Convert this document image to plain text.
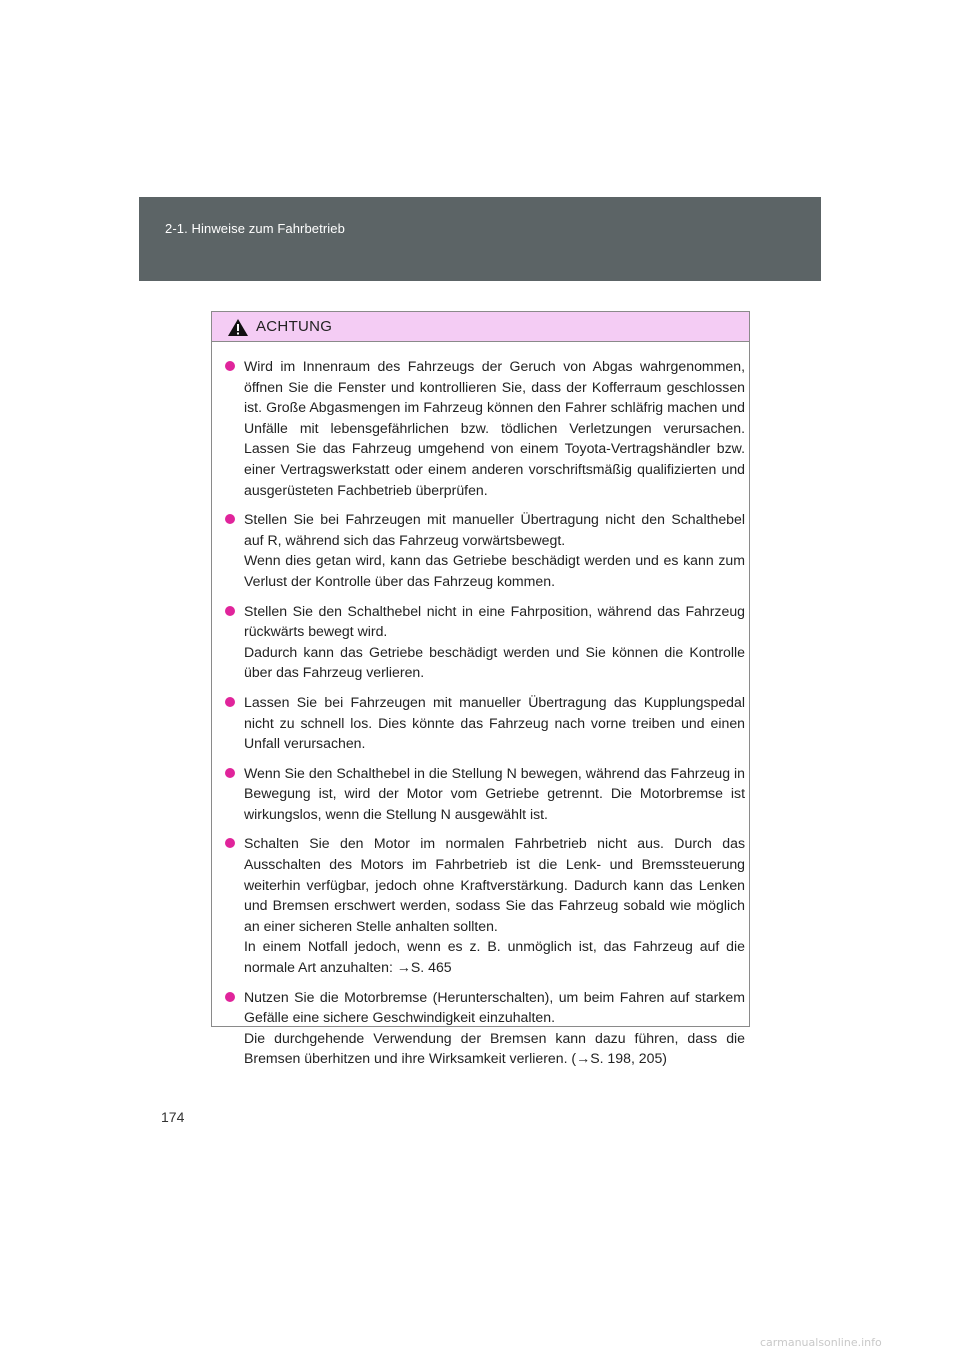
2-1. Hinweise zum Fahrbetrieb
ACHTUNG

Wird im Innenraum des Fahrzeugs der Geruch von Abgas wahrgenommen, öffnen Sie die Fenster und kontrollieren Sie, dass der Kofferraum geschlossen ist. Große Abgasmengen im Fahrzeug können den Fahrer schläfrig machen und Unfälle mit lebensgefährlichen bzw. tödlichen Verletzungen verursachen. Lassen Sie das Fahrzeug umgehend von einem Toyota-Vertragshändler bzw. einer Vertragswerkstatt oder einem anderen vorschriftsmäßig qualifizierten und ausgerüsteten Fachbetrieb überprüfen.

Stellen Sie bei Fahrzeugen mit manueller Übertragung nicht den Schalthebel auf R, während sich das Fahrzeug vorwärtsbewegt.

Wenn dies getan wird, kann das Getriebe beschädigt werden und es kann zum Verlust der Kontrolle über das Fahrzeug kommen.

Stellen Sie den Schalthebel nicht in eine Fahrposition, während das Fahrzeug rückwärts bewegt wird.

Dadurch kann das Getriebe beschädigt werden und Sie können die Kontrolle über das Fahrzeug verlieren.

Lassen Sie bei Fahrzeugen mit manueller Übertragung das Kupplungspedal nicht zu schnell los. Dies könnte das Fahrzeug nach vorne treiben und einen Unfall verursachen.

Wenn Sie den Schalthebel in die Stellung N bewegen, während das Fahrzeug in Bewegung ist, wird der Motor vom Getriebe getrennt. Die Motorbremse ist wirkungslos, wenn die Stellung N ausgewählt ist.

Schalten Sie den Motor im normalen Fahrbetrieb nicht aus. Durch das Ausschalten des Motors im Fahrbetrieb ist die Lenk- und Bremssteuerung weiterhin verfügbar, jedoch ohne Kraftverstärkung. Dadurch kann das Lenken und Bremsen erschwert werden, sodass Sie das Fahrzeug sobald wie möglich an einer sicheren Stelle anhalten sollten.

In einem Notfall jedoch, wenn es z. B. unmöglich ist, das Fahrzeug auf die normale Art anzuhalten: →S. 465

Nutzen Sie die Motorbremse (Herunterschalten), um beim Fahren auf starkem Gefälle eine sichere Geschwindigkeit einzuhalten.

Die durchgehende Verwendung der Bremsen kann dazu führen, dass die Bremsen überhitzen und ihre Wirksamkeit verlieren. (→S. 198, 205)

174
carmanualsonline.info
